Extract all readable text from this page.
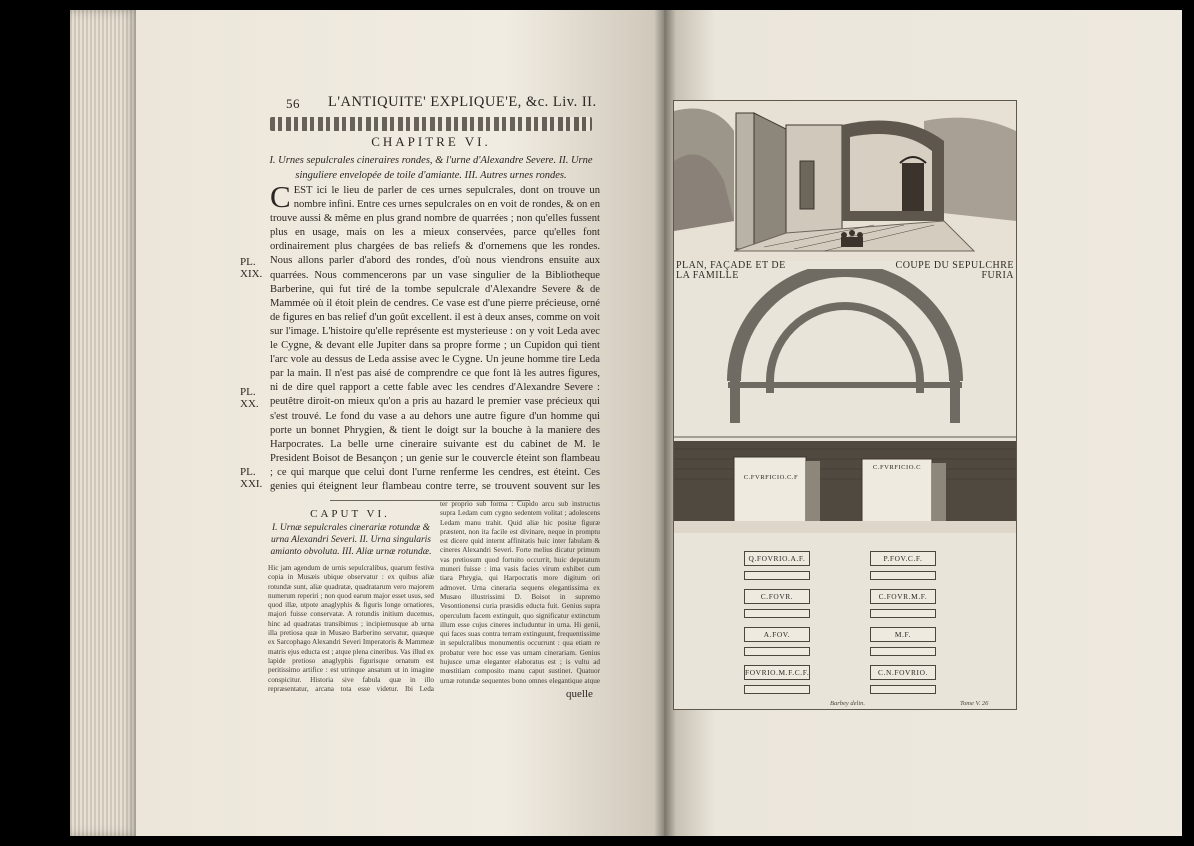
56 L'ANTIQUITE' EXPLIQUE'E, &c. Liv. II.
CHAPITRE VI.
I. Urnes sepulcrales cineraires rondes, & l'urne d'Alexandre Severe. II. Urne singuliere envelopée de toile d'amiante. III. Autres urnes rondes.
CEST ici le lieu de parler de ces urnes sepulcrales, dont on trouve un nombre infini. Entre ces urnes sepulcrales on en voit de rondes, & on en trouve aussi & même en plus grand nombre de quarrées ; non qu'elles fussent plus en usage, mais on les a mieux conservées, parce qu'elles font ordinairement plus chargées de bas reliefs & d'ornemens que les rondes. Nous allons parler d'abord des rondes, d'où nous viendrons ensuite aux quarrées. Nous commencerons par un vase singulier de la Bibliotheque Barberine, qui fut tiré de la tombe sepulcrale d'Alexandre Severe & de Mammée où il étoit plein de cendres. Ce vase est d'une pierre précieuse, orné de figures en bas relief d'un goût excellent. il est à deux anses, comme on voit sur l'image. L'histoire qu'elle représente est mysterieuse : on y voit Leda avec le Cygne, & devant elle Jupiter dans sa propre forme ; un Cupidon qui tient l'arc vole au dessus de Leda assise avec le Cygne. Un jeune homme tire Leda par la main. Il n'est pas aisé de comprendre ce que font là les autres figures, ni de dire quel rapport a cette fable avec les cendres d'Alexandre Severe : peutêtre diroit-on mieux qu'on a pris au hazard le premier vase précieux qui s'est trouvé. Le fond du vase a au dehors une autre figure d'un homme qui porte un bonnet Phrygien, & tient le doigt sur la bouche à la maniere des Harpocrates. La belle urne cineraire suivante est du cabinet de M. le President Boisot de Besançon ; un genie sur le couvercle éteint son flambeau ; ce qui marque que celui dont l'urne renferme les cendres, est éteint. Ces genies qui éteignent leur flambeau contre terre, se trouvent souvent sur les
PL. XIX.
PL. XX.
PL. XXI.
CAPUT VI.
I. Urnæ sepulcrales cinerariæ rotundæ & urna Alexandri Severi. II. Urna singularis amianto obvoluta. III. Aliæ urnæ rotundæ.
Hic jam agendum de urnis sepulcralibus, quarum festiva copia in Musæis ubique observatur : ex quibus aliæ rotundæ sunt, aliæ quadratæ, quadratarum vero majorem numerum reperiri ; non quod earum major esset usus, sed quod illæ, utpote anaglyphis & figuris longe ornatiores, majori fuisse conservatæ. A rotundis initium ducemus, hinc ad quadratas transibimus ; incipiemusque ab urna illa pretiosa quæ in Musæo Barberino servatur, quæque ex Sarcophago Alexandri Severi Imperatoris & Mammeæ matris ejus educta est ; atque plena cineribus. Vas illud ex lapide pretioso anaglyphis figurisque ornatum est peritissimo artifice : est utrinque ansatum ut in imagine conspicitur. Historia sive fabula quæ in illo repræsentatur, arcana tota esse videtur. Ibi Leda
ter proprio sub forma : Cupido arcu sub instructus supra Ledam cum cygno sedentem volitat ; adolescens Ledam manu trahit. Quid aliæ hic positæ figuræ præstent, non ita facile est divinare, neque in promptu est dicere quid internt affinitatis huic inter fabulam & cineres Alexandri Severi. Forte melius dicatur primum vas pretiosum quod fortuito occurrit, huic deputatum muneri fuisse : ima vasis facies virum exhibet cum tiara Phrygia, qui Harpocratis more digitum ori admovet. Urna cineraria sequens elegantissima ex Musæo illustrissimi D. Boisot in supremo Vesontionensi curia præsidis educta fuit. Genius supra operculum facem extinguit, quo significatur extinctum illum esse cujus cineres includuntur in urna. Hi genii, qui faces suas contra terram extinguunt, frequentissime in sepulcralibus monumentis occurrunt : qua etiam re probatur vere hoc esse vas urnam cinerariam. Genius hujusce urnæ eleganter elaboratus est ; is vultu ad mœstitiam composito manu caput sustinet. Quatuor urnæ rotundæ sequentes bono omnes elegantique atque
quelle
PLAN, FAÇADE ET DE LA FAMILLE
COUPE DU SEPULCHRE FURIA
C.FVRFICIO.C.F
C.FVRFICIO.C
Q.FOVRIO.A.F.	P.FOV.C.F.
C.FOVR.	C.FOVR.M.F.
A.FOV.	M.F.
FOVRIO.M.F.C.F.	C.N.FOVRIO.
Barbey delin.	Tome V. 26
